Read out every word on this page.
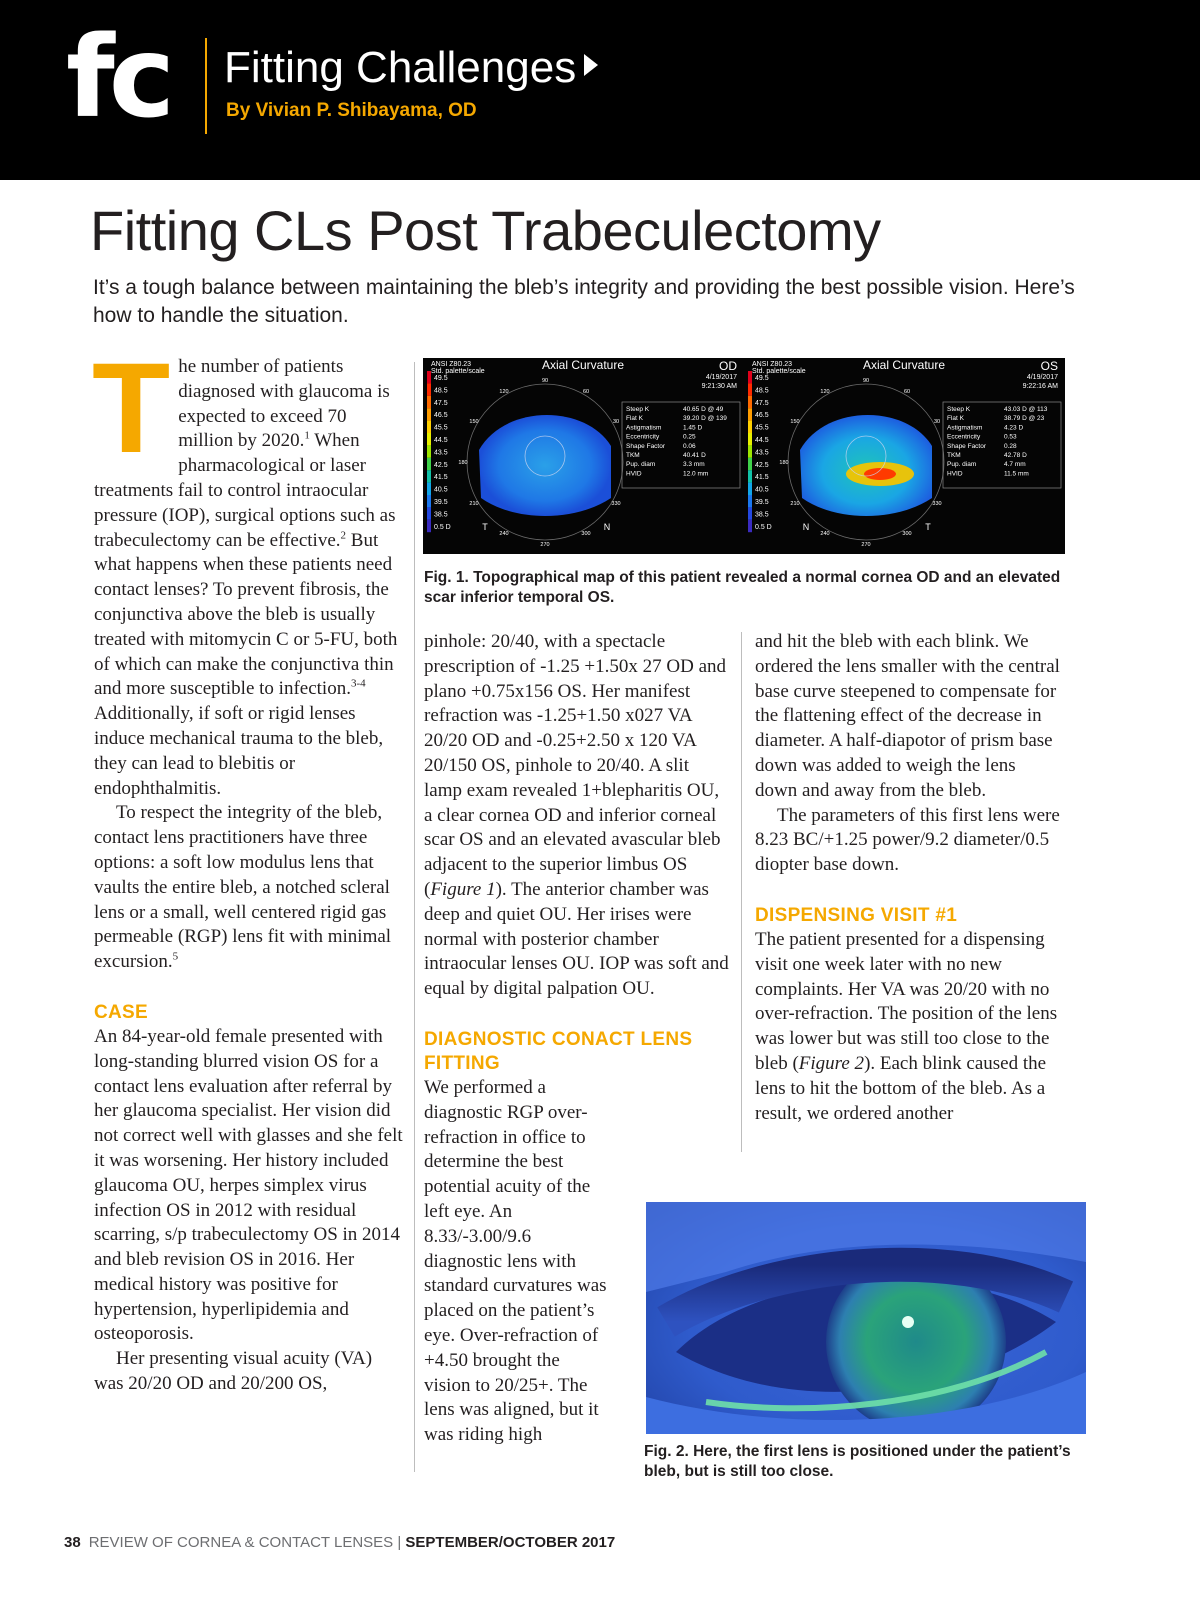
fc Fitting Challenges
By Vivian P. Shibayama, OD
Fitting CLs Post Trabeculectomy

It’s a tough balance between maintaining the bleb’s integrity and providing the best possible vision. Here’s how to handle the situation.

The number of patients diagnosed with glaucoma is expected to exceed 70 million by 2020.$^1$ When pharmacological or laser treatments fail to control intraocular pressure (IOP), surgical options such as trabeculectomy can be effective.$^2$ But what happens when these patients need contact lenses? To prevent fibrosis, the conjunctiva above the bleb is usually treated with mitomycin C or 5-FU, both of which can make the conjunctiva thin and more susceptible to infection.$^{3-4}$ Additionally, if soft or rigid lenses induce mechanical trauma to the bleb, they can lead to blebitis or endophthalmitis.

To respect the integrity of the bleb, contact lens practitioners have three options: a soft low modulus lens that vaults the entire bleb, a notched scleral lens or a small, well centered rigid gas permeable (RGP) lens fit with minimal excursion.$^5$

CASE

An 84-year-old female presented with long-standing blurred vision OS for a contact lens evaluation after referral by her glaucoma specialist. Her vision did not correct well with glasses and she felt it was worsening. Her history included glaucoma OU, herpes simplex virus infection OS in 2012 with residual scarring, s/p trabeculectomy OS in 2014 and bleb revision OS in 2016. Her medical history was positive for hypertension, hyperlipidemia and osteoporosis.

Her presenting visual acuity (VA) was 20/20 OD and 20/200 OS,

ANSI Z80.23
Std. palette/scale	Axial Curvature	OD
4/19/2017
9:21:30 AM
49.5
48.5
47.5
46.5
45.5
44.5
43.5
42.5
41.5
40.5
39.5
38.5
0.5 D
90
120	60
150	30
180
210	330
240	300
270
T	N
Steep K	40.65 D @ 49
Flat K	39.20 D @ 139
Astigmatism	1.45 D
Eccentricity	0.25
Shape Factor	0.06
TKM	40.41 D
Pup. diam	3.3 mm
HVID	12.0 mm
ANSI Z80.23
Std. palette/scale	Axial Curvature	OS
4/19/2017
9:22:16 AM
49.5
48.5
47.5
46.5
45.5
44.5
43.5
42.5
41.5
40.5
39.5
38.5
0.5 D
90
120	60
150	30
180
210	330
240	300
270
N	T
Steep K	43.03 D @ 113
Flat K	38.79 D @ 23
Astigmatism	4.23 D
Eccentricity	0.53
Shape Factor	0.28
TKM	42.78 D
Pup. diam	4.7 mm
HVID	11.5 mm

Fig. 1. Topographical map of this patient revealed a normal cornea OD and an elevated scar inferior temporal OS.

pinhole: 20/40, with a spectacle prescription of -1.25 +1.50x 27 OD and plano +0.75x156 OS. Her manifest refraction was -1.25+1.50 x027 VA 20/20 OD and -0.25+2.50 x 120 VA 20/150 OS, pinhole to 20/40. A slit lamp exam revealed 1+blepharitis OU, a clear cornea OD and inferior corneal scar OS and an elevated avascular bleb adjacent to the superior limbus OS (Figure 1). The anterior chamber was deep and quiet OU. Her irises were normal with posterior chamber intraocular lenses OU. IOP was soft and equal by digital palpation OU.

DIAGNOSTIC CONACT LENS FITTING

We performed a diagnostic RGP over-refraction in office to determine the best potential acuity of the left eye. An 8.33/-3.00/9.6 diagnostic lens with standard curvatures was placed on the patient’s eye. Over-refraction of +4.50 brought the vision to 20/25+. The lens was aligned, but it was riding high

and hit the bleb with each blink. We ordered the lens smaller with the central base curve steepened to compensate for the flattening effect of the decrease in diameter. A half-diapotor of prism base down was added to weigh the lens down and away from the bleb.

The parameters of this first lens were 8.23 BC/+1.25 power/9.2 diameter/0.5 diopter base down.

DISPENSING VISIT #1

The patient presented for a dispensing visit one week later with no new complaints. Her VA was 20/20 with no over-refraction. The position of the lens was lower but was still too close to the bleb (Figure 2). Each blink caused the lens to hit the bottom of the bleb. As a result, we ordered another

Fig. 2. Here, the first lens is positioned under the patient’s bleb, but is still too close.

38 REVIEW OF CORNEA & CONTACT LENSES | SEPTEMBER/OCTOBER 2017
